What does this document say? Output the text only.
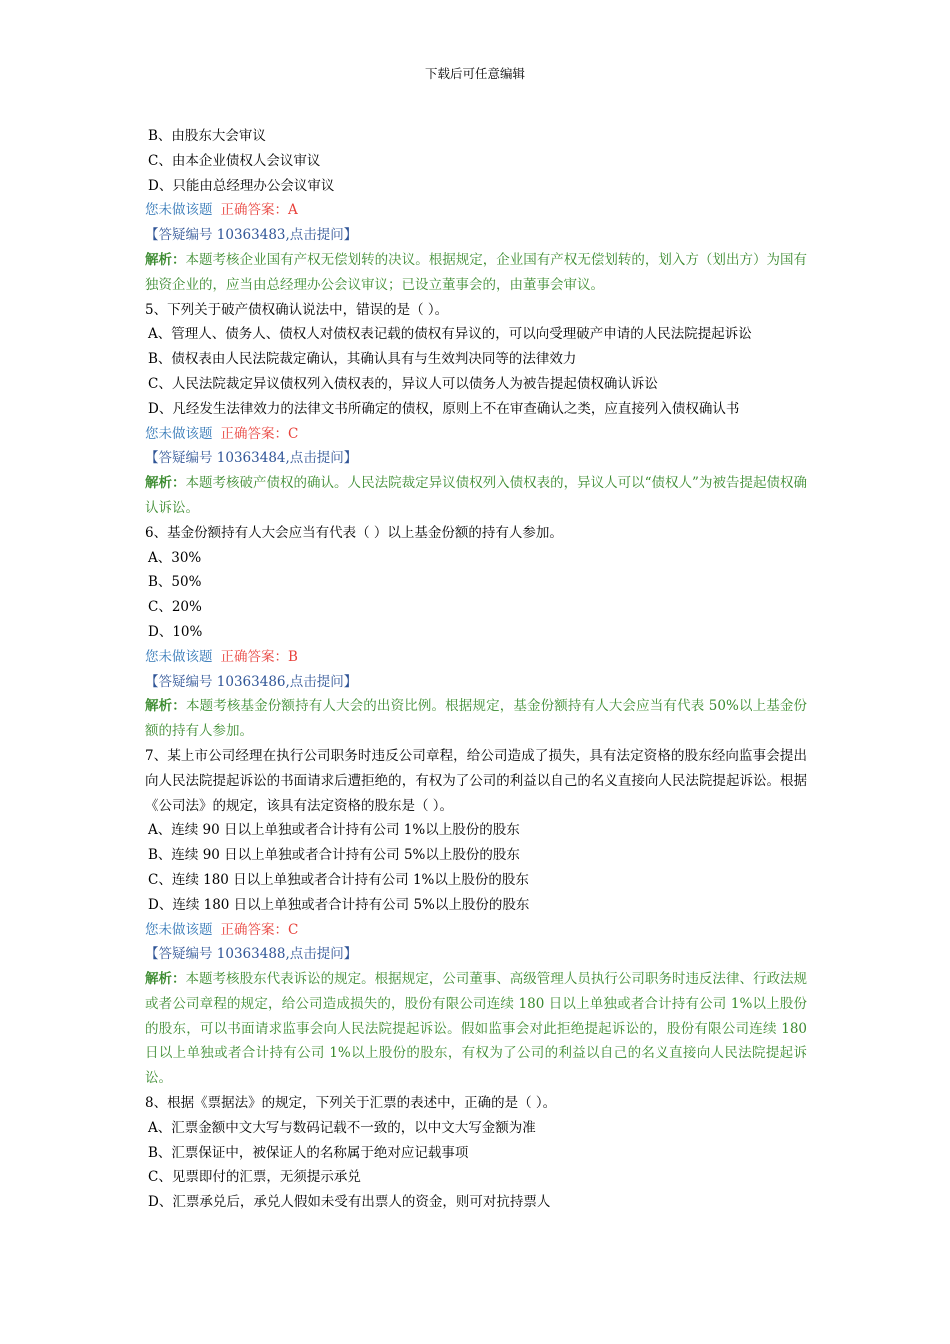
下载后可任意编辑
B、由股东大会审议
C、由本企业债权人会议审议
D、只能由总经理办公会议审议
您未做该题 正确答案：A
【答疑编号 10363483,点击提问】
解析：本题考核企业国有产权无偿划转的决议。根据规定，企业国有产权无偿划转的，划入方（划出方）为国有独资企业的，应当由总经理办公会议审议；已设立董事会的，由董事会审议。
5、下列关于破产债权确认说法中，错误的是（ ）。
A、管理人、债务人、债权人对债权表记载的债权有异议的，可以向受理破产申请的人民法院提起诉讼
B、债权表由人民法院裁定确认，其确认具有与生效判决同等的法律效力
C、人民法院裁定异议债权列入债权表的，异议人可以债务人为被告提起债权确认诉讼
D、凡经发生法律效力的法律文书所确定的债权，原则上不在审查确认之类，应直接列入债权确认书
您未做该题 正确答案：C
【答疑编号 10363484,点击提问】
解析：本题考核破产债权的确认。人民法院裁定异议债权列入债权表的，异议人可以“债权人”为被告提起债权确认诉讼。
6、基金份额持有人大会应当有代表（ ）以上基金份额的持有人参加。
A、30%
B、50%
C、20%
D、10%
您未做该题 正确答案：B
【答疑编号 10363486,点击提问】
解析：本题考核基金份额持有人大会的出资比例。根据规定，基金份额持有人大会应当有代表 50%以上基金份额的持有人参加。
7、某上市公司经理在执行公司职务时违反公司章程，给公司造成了损失，具有法定资格的股东经向监事会提出向人民法院提起诉讼的书面请求后遭拒绝的，有权为了公司的利益以自己的名义直接向人民法院提起诉讼。根据《公司法》的规定，该具有法定资格的股东是（ ）。
A、连续 90 日以上单独或者合计持有公司 1%以上股份的股东
B、连续 90 日以上单独或者合计持有公司 5%以上股份的股东
C、连续 180 日以上单独或者合计持有公司 1%以上股份的股东
D、连续 180 日以上单独或者合计持有公司 5%以上股份的股东
您未做该题 正确答案：C
【答疑编号 10363488,点击提问】
解析：本题考核股东代表诉讼的规定。根据规定，公司董事、高级管理人员执行公司职务时违反法律、行政法规或者公司章程的规定，给公司造成损失的，股份有限公司连续 180 日以上单独或者合计持有公司 1%以上股份的股东，可以书面请求监事会向人民法院提起诉讼。假如监事会对此拒绝提起诉讼的，股份有限公司连续 180 日以上单独或者合计持有公司 1%以上股份的股东，有权为了公司的利益以自己的名义直接向人民法院提起诉讼。
8、根据《票据法》的规定，下列关于汇票的表述中，正确的是（ ）。
A、汇票金额中文大写与数码记载不一致的，以中文大写金额为准
B、汇票保证中，被保证人的名称属于绝对应记载事项
C、见票即付的汇票，无须提示承兑
D、汇票承兑后，承兑人假如未受有出票人的资金，则可对抗持票人
